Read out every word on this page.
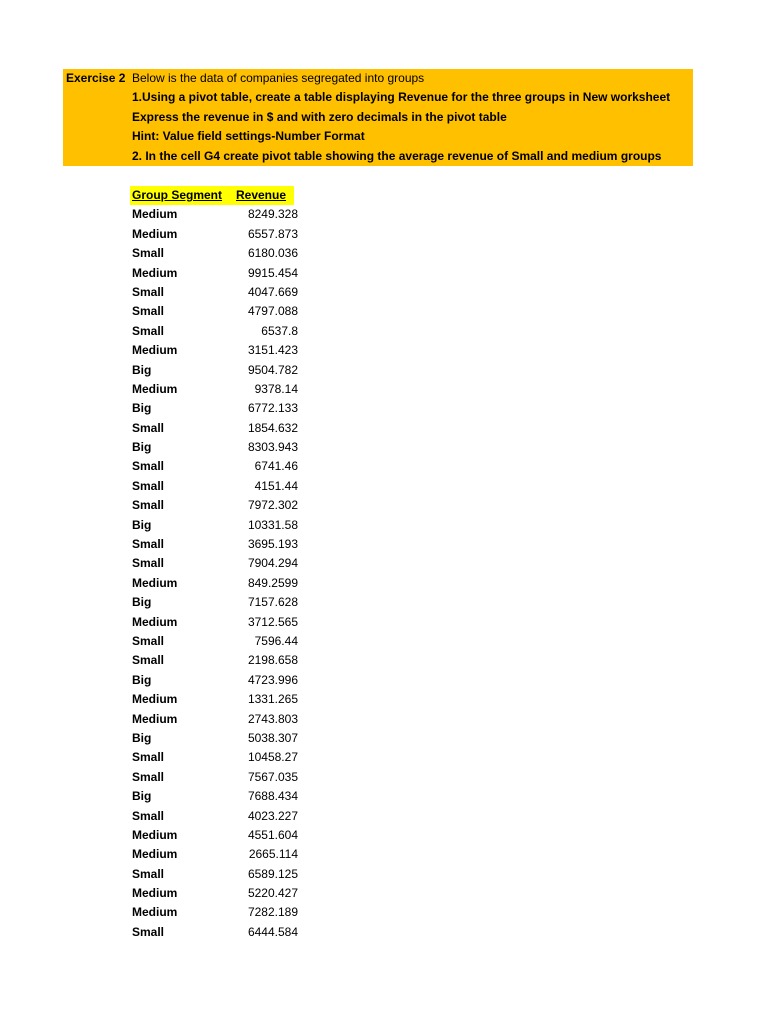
Exercise 2 Below is the data of companies segregated into groups
1.Using a pivot table, create a table displaying Revenue for the three groups in New worksheet
Express the revenue in $ and with zero decimals in the pivot table
Hint: Value field settings-Number Format
2. In the cell G4 create pivot table showing the average revenue of Small and medium groups
Group Segment	Revenue
Medium	8249.328
Medium	6557.873
Small	6180.036
Medium	9915.454
Small	4047.669
Small	4797.088
Small	6537.8
Medium	3151.423
Big	9504.782
Medium	9378.14
Big	6772.133
Small	1854.632
Big	8303.943
Small	6741.46
Small	4151.44
Small	7972.302
Big	10331.58
Small	3695.193
Small	7904.294
Medium	849.2599
Big	7157.628
Medium	3712.565
Small	7596.44
Small	2198.658
Big	4723.996
Medium	1331.265
Medium	2743.803
Big	5038.307
Small	10458.27
Small	7567.035
Big	7688.434
Small	4023.227
Medium	4551.604
Medium	2665.114
Small	6589.125
Medium	5220.427
Medium	7282.189
Small	6444.584
